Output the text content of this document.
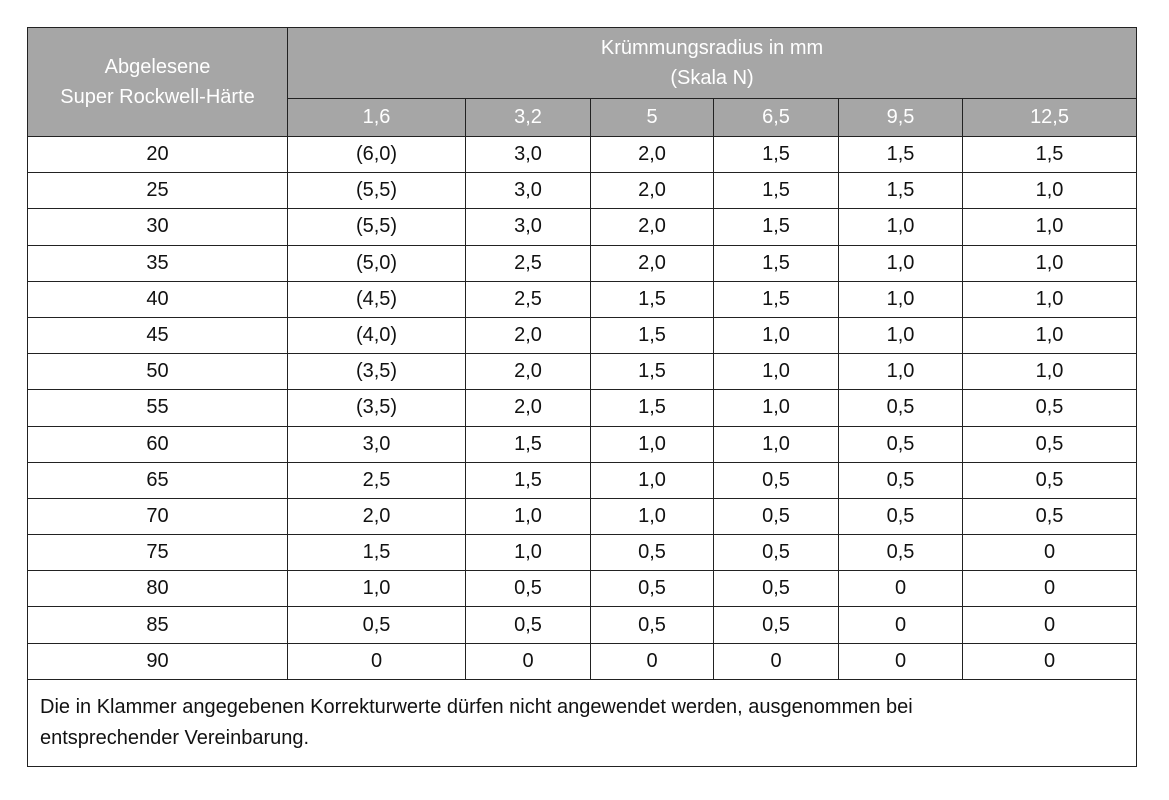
Abgelesene
Super Rockwell-Härte	Krümmungsradius in mm
(Skala N)					
	1,6	3,2	5	6,5	9,5	12,5
20	(6,0)	3,0	2,0	1,5	1,5	1,5
25	(5,5)	3,0	2,0	1,5	1,5	1,0
30	(5,5)	3,0	2,0	1,5	1,0	1,0
35	(5,0)	2,5	2,0	1,5	1,0	1,0
40	(4,5)	2,5	1,5	1,5	1,0	1,0
45	(4,0)	2,0	1,5	1,0	1,0	1,0
50	(3,5)	2,0	1,5	1,0	1,0	1,0
55	(3,5)	2,0	1,5	1,0	0,5	0,5
60	3,0	1,5	1,0	1,0	0,5	0,5
65	2,5	1,5	1,0	0,5	0,5	0,5
70	2,0	1,0	1,0	0,5	0,5	0,5
75	1,5	1,0	0,5	0,5	0,5	0
80	1,0	0,5	0,5	0,5	0	0
85	0,5	0,5	0,5	0,5	0	0
90	0	0	0	0	0	0
Die in Klammer angegebenen Korrekturwerte dürfen nicht angewendet werden, ausgenommen bei
entsprechender Vereinbarung.						
